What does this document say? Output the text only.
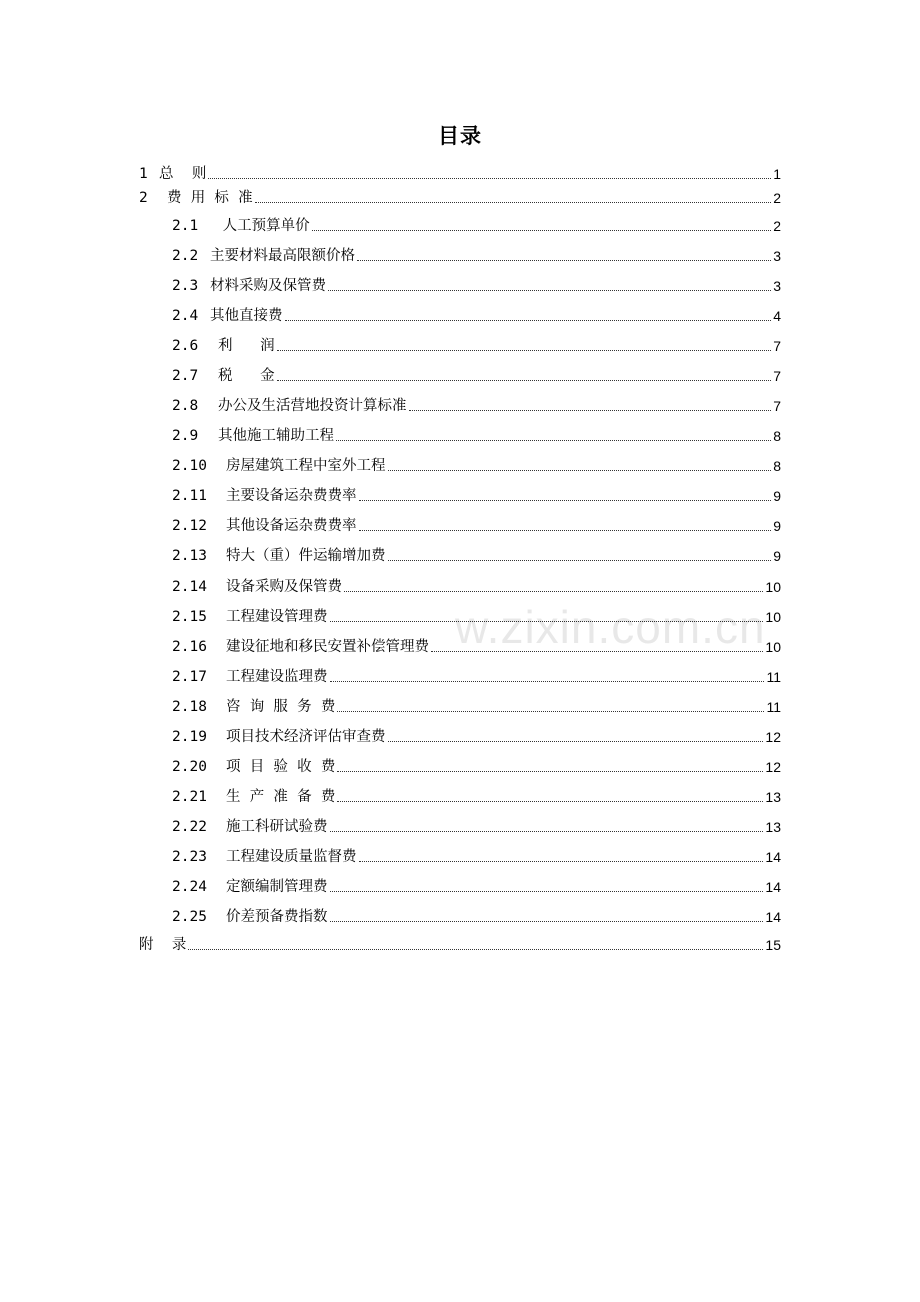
目录
1 总    则	1
2	费  用  标  准	2
2.1	人工预算单价	2
2.2 主要材料最高限额价格	3
2.3 材料采购及保管费	3
2.4 其他直接费	4
2.6	利      润	7
2.7	税      金	7
2.8	办公及生活营地投资计算标准	7
2.9	其他施工辅助工程	8
2.10	房屋建筑工程中室外工程	8
2.11	主要设备运杂费费率	9
2.12	其他设备运杂费费率	9
2.13	特大（重）件运输增加费	9
2.14	设备采购及保管费	10
2.15	工程建设管理费	10
2.16	建设征地和移民安置补偿管理费	10
2.17	工程建设监理费	11
2.18	咨  询  服  务  费	11
2.19	项目技术经济评估审查费	12
2.20	项  目  验  收  费	12
2.21	生  产  准  备  费	13
2.22	施工科研试验费	13
2.23	工程建设质量监督费	14
2.24	定额编制管理费	14
2.25	价差预备费指数	14
附    录	15
w.zixin.com.cn
